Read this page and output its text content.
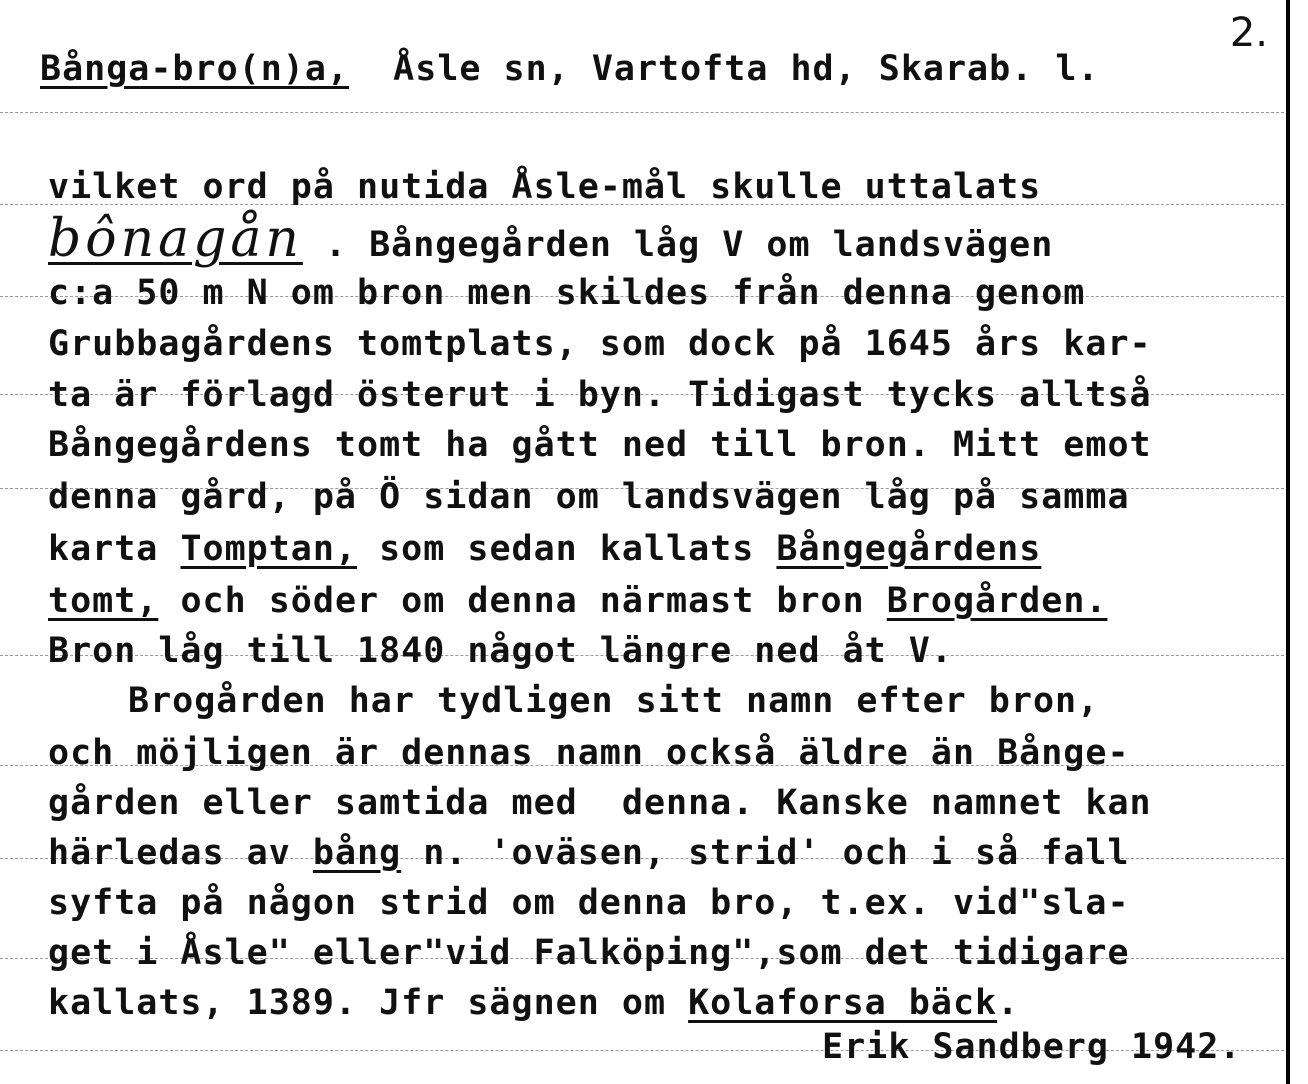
2.
Bånga-bro(n)a, Åsle sn, Vartofta hd, Skarab. l.
vilket ord på nutida Åsle-mål skulle uttalats
bônagån . Bångegården låg V om landsvägen
c:a 50 m N om bron men skildes från denna genom
Grubbagårdens tomtplats, som dock på 1645 års kar-
ta är förlagd österut i byn. Tidigast tycks alltså
Bångegårdens tomt ha gått ned till bron. Mitt emot
denna gård, på Ö sidan om landsvägen låg på samma
karta Tomptan, som sedan kallats Bångegårdens
tomt, och söder om denna närmast bron Brogården.
Bron låg till 1840 något längre ned åt V.
Brogården har tydligen sitt namn efter bron,
och möjligen är dennas namn också äldre än Bånge-
gården eller samtida med  denna. Kanske namnet kan
härledas av bång n. 'oväsen, strid' och i så fall
syfta på någon strid om denna bro, t.ex. vid"sla-
get i Åsle" eller"vid Falköping",som det tidigare
kallats, 1389. Jfr sägnen om Kolaforsa bäck.
Erik Sandberg 1942.
